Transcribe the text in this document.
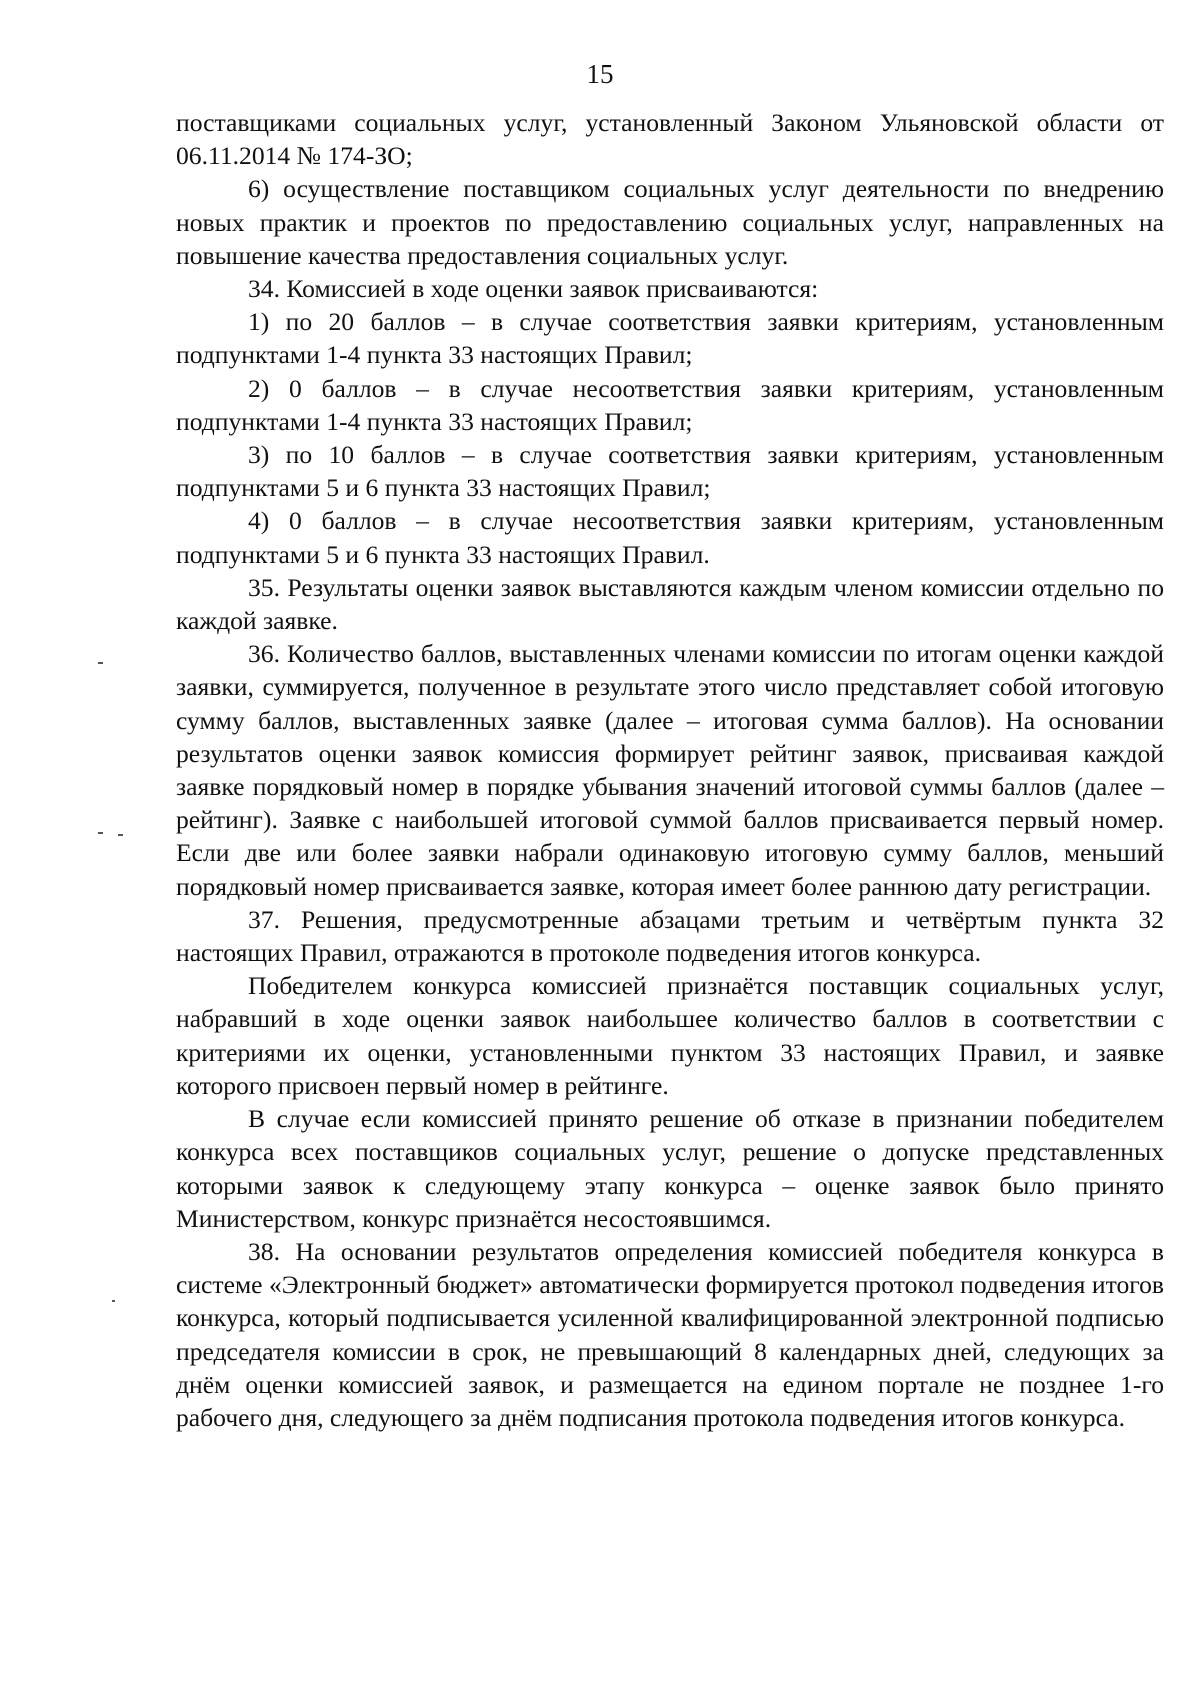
15

поставщиками социальных услуг, установленный Законом Ульяновской области от 06.11.2014 № 174-ЗО;

6) осуществление поставщиком социальных услуг деятельности по внедрению новых практик и проектов по предоставлению социальных услуг, направленных на повышение качества предоставления социальных услуг.

34. Комиссией в ходе оценки заявок присваиваются:

1) по 20 баллов – в случае соответствия заявки критериям, установленным подпунктами 1-4 пункта 33 настоящих Правил;

2) 0 баллов – в случае несоответствия заявки критериям, установленным подпунктами 1-4 пункта 33 настоящих Правил;

3) по 10 баллов – в случае соответствия заявки критериям, установленным подпунктами 5 и 6 пункта 33 настоящих Правил;

4) 0 баллов – в случае несоответствия заявки критериям, установленным подпунктами 5 и 6 пункта 33 настоящих Правил.

35. Результаты оценки заявок выставляются каждым членом комиссии отдельно по каждой заявке.

36. Количество баллов, выставленных членами комиссии по итогам оценки каждой заявки, суммируется, полученное в результате этого число представляет собой итоговую сумму баллов, выставленных заявке (далее – итоговая сумма баллов). На основании результатов оценки заявок комиссия формирует рейтинг заявок, присваивая каждой заявке порядковый номер в порядке убывания значений итоговой суммы баллов (далее – рейтинг). Заявке с наибольшей итоговой суммой баллов присваивается первый номер. Если две или более заявки набрали одинаковую итоговую сумму баллов, меньший порядковый номер присваивается заявке, которая имеет более раннюю дату регистрации.

37. Решения, предусмотренные абзацами третьим и четвёртым пункта 32 настоящих Правил, отражаются в протоколе подведения итогов конкурса.

Победителем конкурса комиссией признаётся поставщик социальных услуг, набравший в ходе оценки заявок наибольшее количество баллов в соответствии с критериями их оценки, установленными пунктом 33 настоящих Правил, и заявке которого присвоен первый номер в рейтинге.

В случае если комиссией принято решение об отказе в признании победителем конкурса всех поставщиков социальных услуг, решение о допуске представленных которыми заявок к следующему этапу конкурса – оценке заявок было принято Министерством, конкурс признаётся несостоявшимся.

38. На основании результатов определения комиссией победителя конкурса в системе «Электронный бюджет» автоматически формируется протокол подведения итогов конкурса, который подписывается усиленной квалифицированной электронной подписью председателя комиссии в срок, не превышающий 8 календарных дней, следующих за днём оценки комиссией заявок, и размещается на едином портале не позднее 1-го рабочего дня, следующего за днём подписания протокола подведения итогов конкурса.
